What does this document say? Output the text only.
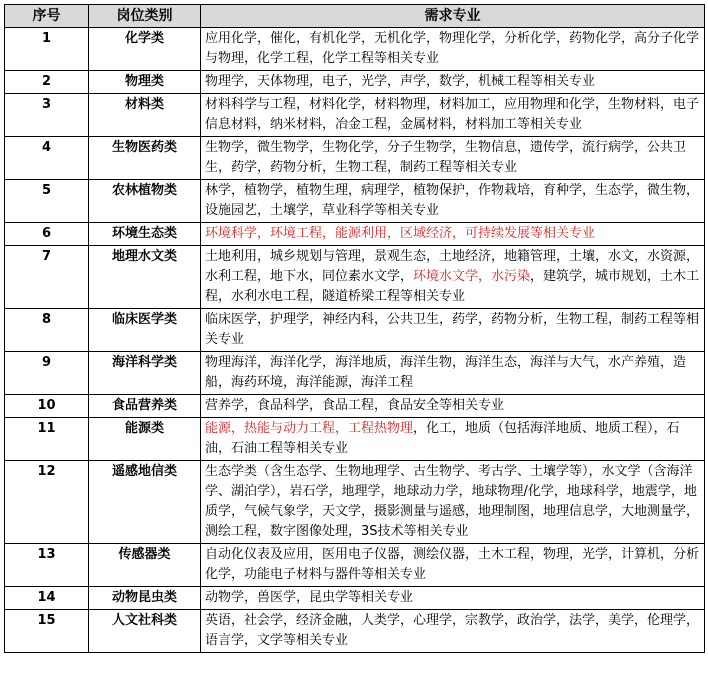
序号	岗位类别	需求专业
1	化学类	应用化学，催化，有机化学，无机化学，物理化学，分析化学，药物化学，高分子化学与物理，化学工程，化学工程等相关专业
2	物理类	物理学，天体物理，电子，光学，声学，数学，机械工程等相关专业
3	材料类	材料科学与工程，材料化学，材料物理，材料加工，应用物理和化学，生物材料，电子信息材料，纳米材料，冶金工程，金属材料，材料加工等相关专业
4	生物医药类	生物学，微生物学，生物化学，分子生物学，生物信息，遗传学，流行病学，公共卫生，药学，药物分析，生物工程，制药工程等相关专业
5	农林植物类	林学，植物学，植物生理，病理学，植物保护，作物栽培，育种学，生态学，微生物，设施园艺，土壤学，草业科学等相关专业
6	环境生态类	环境科学，环境工程，能源利用，区域经济，可持续发展等相关专业
7	地理水文类	土地利用，城乡规划与管理，景观生态，土地经济，地籍管理，土壤，水文，水资源，水利工程，地下水，同位素水文学，环境水文学，水污染，建筑学，城市规划，土木工程，水利水电工程，隧道桥梁工程等相关专业
8	临床医学类	临床医学，护理学，神经内科，公共卫生，药学，药物分析，生物工程，制药工程等相关专业
9	海洋科学类	物理海洋，海洋化学，海洋地质，海洋生物，海洋生态，海洋与大气，水产养殖，造船，海药环境，海洋能源，海洋工程
10	食品营养类	营养学，食品科学，食品工程，食品安全等相关专业
11	能源类	能源，热能与动力工程，工程热物理，化工，地质（包括海洋地质、地质工程），石油，石油工程等相关专业
12	遥感地信类	生态学类（含生态学、生物地理学、古生物学、考古学、土壤学等），水文学（含海洋学、湖泊学），岩石学，地理学，地球动力学，地球物理/化学，地球科学，地震学，地质学，气候气象学，天文学，摄影测量与遥感，地理制图，地理信息学，大地测量学，测绘工程，数字图像处理，3S技术等相关专业
13	传感器类	自动化仪表及应用，医用电子仪器，测绘仪器，土木工程，物理，光学，计算机，分析化学，功能电子材料与器件等相关专业
14	动物昆虫类	动物学，兽医学，昆虫学等相关专业
15	人文社科类	英语，社会学，经济金融，人类学，心理学，宗教学，政治学，法学，美学，伦理学，语言学，文学等相关专业
